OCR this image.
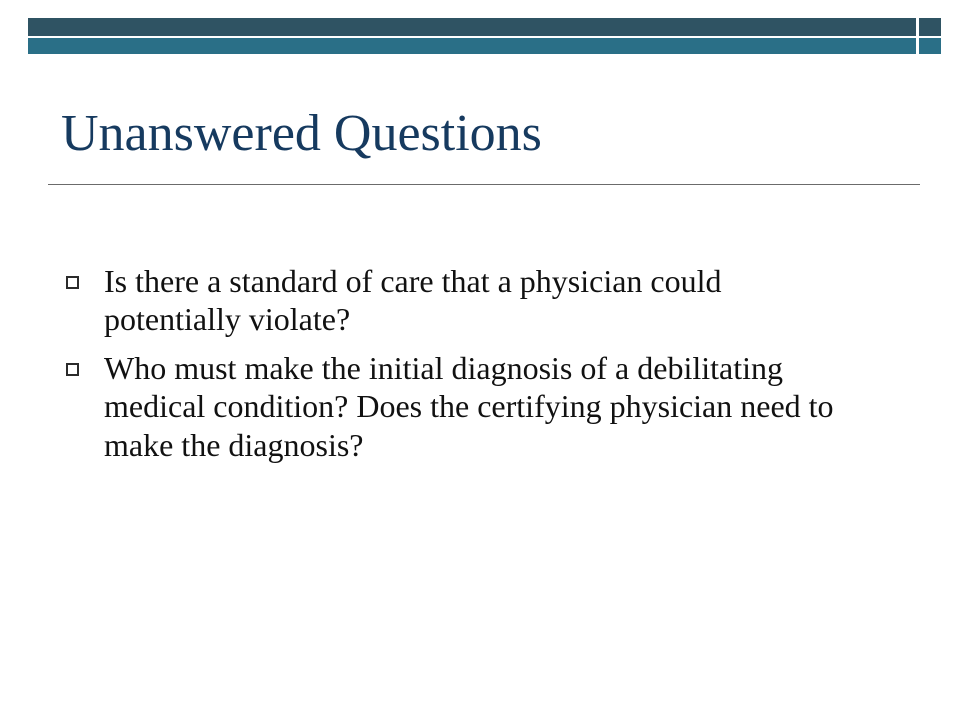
Unanswered Questions
Is there a standard of care that a physician could potentially violate?
Who must make the initial diagnosis of a debilitating medical condition? Does the certifying physician need to make the diagnosis?
